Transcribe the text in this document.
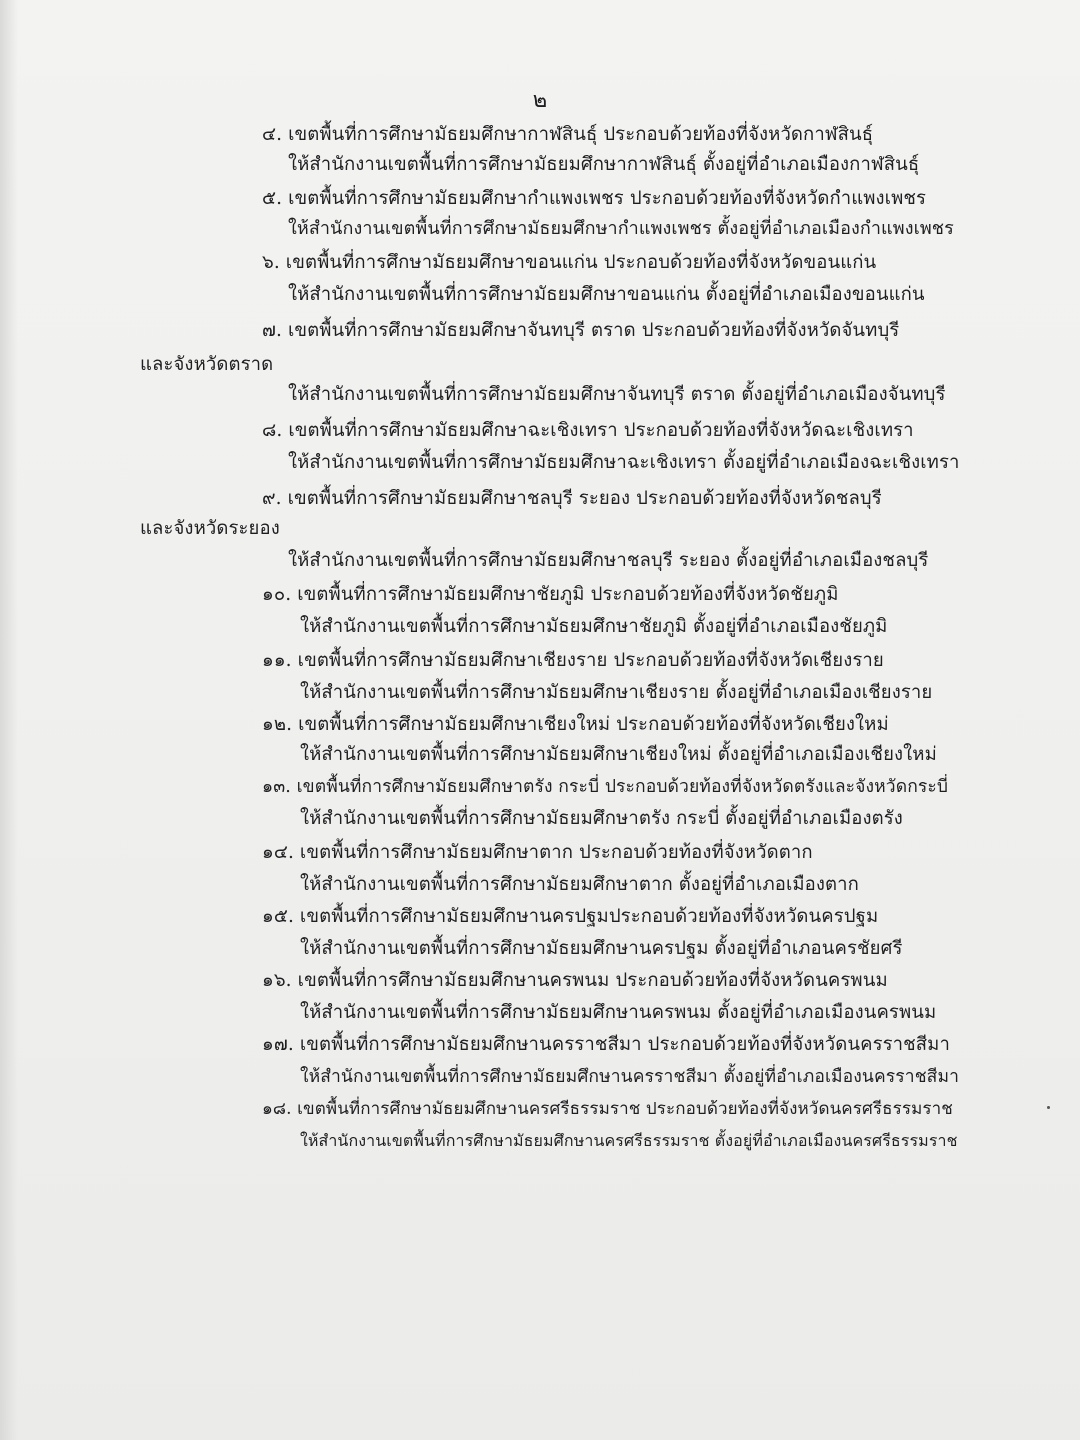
๒
๔. เขตพื้นที่การศึกษามัธยมศึกษากาฬสินธุ์ ประกอบด้วยท้องที่จังหวัดกาฬสินธุ์
ให้สำนักงานเขตพื้นที่การศึกษามัธยมศึกษากาฬสินธุ์ ตั้งอยู่ที่อำเภอเมืองกาฬสินธุ์
๕. เขตพื้นที่การศึกษามัธยมศึกษากำแพงเพชร ประกอบด้วยท้องที่จังหวัดกำแพงเพชร
ให้สำนักงานเขตพื้นที่การศึกษามัธยมศึกษากำแพงเพชร ตั้งอยู่ที่อำเภอเมืองกำแพงเพชร
๖. เขตพื้นที่การศึกษามัธยมศึกษาขอนแก่น ประกอบด้วยท้องที่จังหวัดขอนแก่น
ให้สำนักงานเขตพื้นที่การศึกษามัธยมศึกษาขอนแก่น ตั้งอยู่ที่อำเภอเมืองขอนแก่น
๗. เขตพื้นที่การศึกษามัธยมศึกษาจันทบุรี ตราด ประกอบด้วยท้องที่จังหวัดจันทบุรี
และจังหวัดตราด
ให้สำนักงานเขตพื้นที่การศึกษามัธยมศึกษาจันทบุรี ตราด ตั้งอยู่ที่อำเภอเมืองจันทบุรี
๘. เขตพื้นที่การศึกษามัธยมศึกษาฉะเชิงเทรา ประกอบด้วยท้องที่จังหวัดฉะเชิงเทรา
ให้สำนักงานเขตพื้นที่การศึกษามัธยมศึกษาฉะเชิงเทรา ตั้งอยู่ที่อำเภอเมืองฉะเชิงเทรา
๙. เขตพื้นที่การศึกษามัธยมศึกษาชลบุรี ระยอง ประกอบด้วยท้องที่จังหวัดชลบุรี
และจังหวัดระยอง
ให้สำนักงานเขตพื้นที่การศึกษามัธยมศึกษาชลบุรี ระยอง ตั้งอยู่ที่อำเภอเมืองชลบุรี
๑๐. เขตพื้นที่การศึกษามัธยมศึกษาชัยภูมิ ประกอบด้วยท้องที่จังหวัดชัยภูมิ
ให้สำนักงานเขตพื้นที่การศึกษามัธยมศึกษาชัยภูมิ ตั้งอยู่ที่อำเภอเมืองชัยภูมิ
๑๑. เขตพื้นที่การศึกษามัธยมศึกษาเชียงราย ประกอบด้วยท้องที่จังหวัดเชียงราย
ให้สำนักงานเขตพื้นที่การศึกษามัธยมศึกษาเชียงราย ตั้งอยู่ที่อำเภอเมืองเชียงราย
๑๒. เขตพื้นที่การศึกษามัธยมศึกษาเชียงใหม่ ประกอบด้วยท้องที่จังหวัดเชียงใหม่
ให้สำนักงานเขตพื้นที่การศึกษามัธยมศึกษาเชียงใหม่ ตั้งอยู่ที่อำเภอเมืองเชียงใหม่
๑๓. เขตพื้นที่การศึกษามัธยมศึกษาตรัง กระบี่ ประกอบด้วยท้องที่จังหวัดตรังและจังหวัดกระบี่
ให้สำนักงานเขตพื้นที่การศึกษามัธยมศึกษาตรัง กระบี่ ตั้งอยู่ที่อำเภอเมืองตรัง
๑๔. เขตพื้นที่การศึกษามัธยมศึกษาตาก ประกอบด้วยท้องที่จังหวัดตาก
ให้สำนักงานเขตพื้นที่การศึกษามัธยมศึกษาตาก ตั้งอยู่ที่อำเภอเมืองตาก
๑๕. เขตพื้นที่การศึกษามัธยมศึกษานครปฐมประกอบด้วยท้องที่จังหวัดนครปฐม
ให้สำนักงานเขตพื้นที่การศึกษามัธยมศึกษานครปฐม ตั้งอยู่ที่อำเภอนครชัยศรี
๑๖. เขตพื้นที่การศึกษามัธยมศึกษานครพนม ประกอบด้วยท้องที่จังหวัดนครพนม
ให้สำนักงานเขตพื้นที่การศึกษามัธยมศึกษานครพนม ตั้งอยู่ที่อำเภอเมืองนครพนม
๑๗. เขตพื้นที่การศึกษามัธยมศึกษานครราชสีมา ประกอบด้วยท้องที่จังหวัดนครราชสีมา
ให้สำนักงานเขตพื้นที่การศึกษามัธยมศึกษานครราชสีมา ตั้งอยู่ที่อำเภอเมืองนครราชสีมา
๑๘. เขตพื้นที่การศึกษามัธยมศึกษานครศรีธรรมราช ประกอบด้วยท้องที่จังหวัดนครศรีธรรมราช
ให้สำนักงานเขตพื้นที่การศึกษามัธยมศึกษานครศรีธรรมราช ตั้งอยู่ที่อำเภอเมืองนครศรีธรรมราช
